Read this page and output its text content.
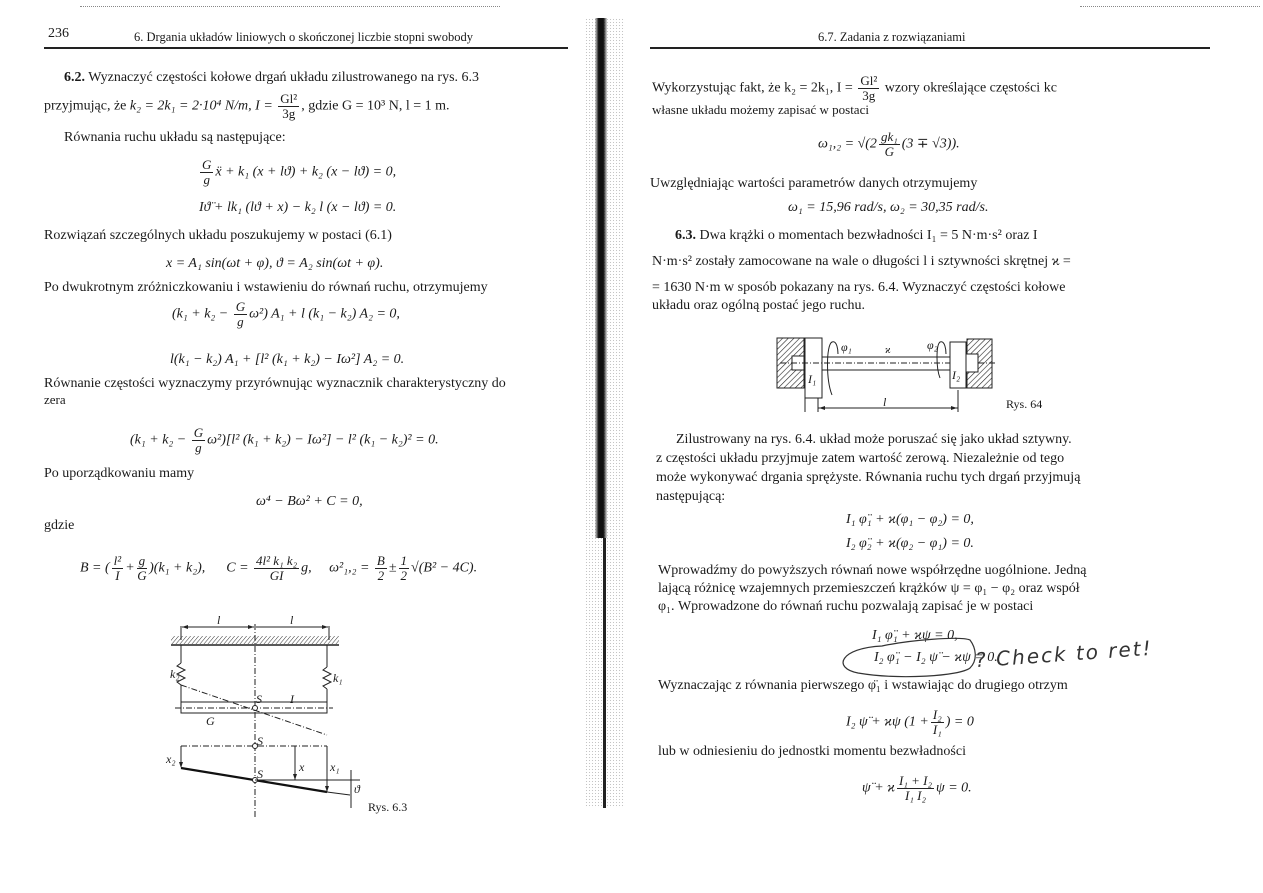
236	6. Drgania układów liniowych o skończonej liczbie stopni swobody
6.2. Wyznaczyć częstości kołowe drgań układu zilustrowanego na rys. 6.3
przyjmując, że k₂ = 2k₁ = 2·10⁴ N/m, $I = \frac{\text{Gl²}}{3g}$ , gdzie G = 10³ N, l = 1 m.
Równania ruchu układu są następujące:
$\frac{G}{g}$ ẍ + k₁ (x + lϑ) + k₂ (x − lϑ) = 0,
Iϑ̈ + lk₁ (lϑ + x) − k₂ l (x − lϑ) = 0.
Rozwiązań szczególnych układu poszukujemy w postaci (6.1)
x = A₁ sin(ωt + φ), ϑ = A₂ sin(ωt + φ).
Po dwukrotnym zróżniczkowaniu i wstawieniu do równań ruchu, otrzymujemy
$(k_1 + k_2 - \frac{G}{g} \omega^2)$ A₁ + l (k₁ − k₂) A₂ = 0,
l(k₁ − k₂) A₁ + [l² (k₁ + k₂) − Iω²] A₂ = 0.
Równanie częstości wyznaczymy przyrównując wyznacznik charakterystyczny do
zera
$(k_1 + k_2 - \frac{G}{g} \omega^2)[l^2$ (k₁ + k₂) − Iω²] − l² (k₁ − k₂)² = 0.
Po uporządkowaniu mamy
ω⁴ − Bω² + C = 0,
gdzie
B = ( $\frac{\text{l²}}{I} + \frac{g}{G} )(k_1 + k_2)$, $C = \frac{\text{4l² k₁ k₂}}{GI} g$, $\omega^2_1,_2 = \frac{B}{2} \pm \frac{1}{2} √(B^2 - 4C)$.
k₂	k₁
l	l
S I
G
S
S
x₂
x x₁
ϑ
Rys. 6.3
6.7. Zadania z rozwiązaniami
Wykorzystując fakt, że k₂ = 2k₁, $I = \frac{\text{Gl²}}{3g}$ wzory określające częstości kc
własne układu możemy zapisać w postaci
$\omega_1,_2 = √(2 \frac{\text{gk₁}}{G} (3 \mp √3))$.
Uwzględniając wartości parametrów danych otrzymujemy
ω₁ = 15,96 rad/s, ω₂ = 30,35 rad/s.
6.3. Dwa krążki o momentach bezwładności I₁ = 5 N·m·s² oraz I
N·m·s² zostały zamocowane na wale o długości l i sztywności skrętnej ϰ =
= 1630 N·m w sposób pokazany na rys. 6.4. Wyznaczyć częstości kołowe
układu oraz ogólną postać jego ruchu.
φ₁	ϰ	φ₂
I₁	I₂
l	Rys. 64
Zilustrowany na rys. 6.4. układ może poruszać się jako układ sztywny.
z częstości układu przyjmuje zatem wartość zerową. Niezależnie od tego
może wykonywać drgania sprężyste. Równania ruchu tych drgań przyjmują
następującą:
I₁ φ̈₁ + ϰ(φ₁ − φ₂) = 0,
I₂ φ̈₂ + ϰ(φ₂ − φ₁) = 0.
Wprowadźmy do powyższych równań nowe współrzędne uogólnione. Jedną
lającą różnicę wzajemnych przemieszczeń krążków ψ = φ₁ − φ₂ oraz współ
φ₁. Wprowadzone do równań ruchu pozwalają zapisać je w postaci
I₁ φ̈₁ + ϰψ = 0,
I₂ φ̈₁ − I₂ ψ̈ − ϰψ = 0.
? Check to ret!
Wyznaczając z równania pierwszego φ̈₁ i wstawiając do drugiego otrzym
I₂ ψ̈ + ϰψ ($1 + \frac{\text{I₂}}{\text{I₁}}$ ) = 0
lub w odniesieniu do jednostki momentu bezwładności
ψ̈ + ϰ $\frac{\text{I₁ + I₂}}{\text{I₁ I₂}}$ ψ = 0.
